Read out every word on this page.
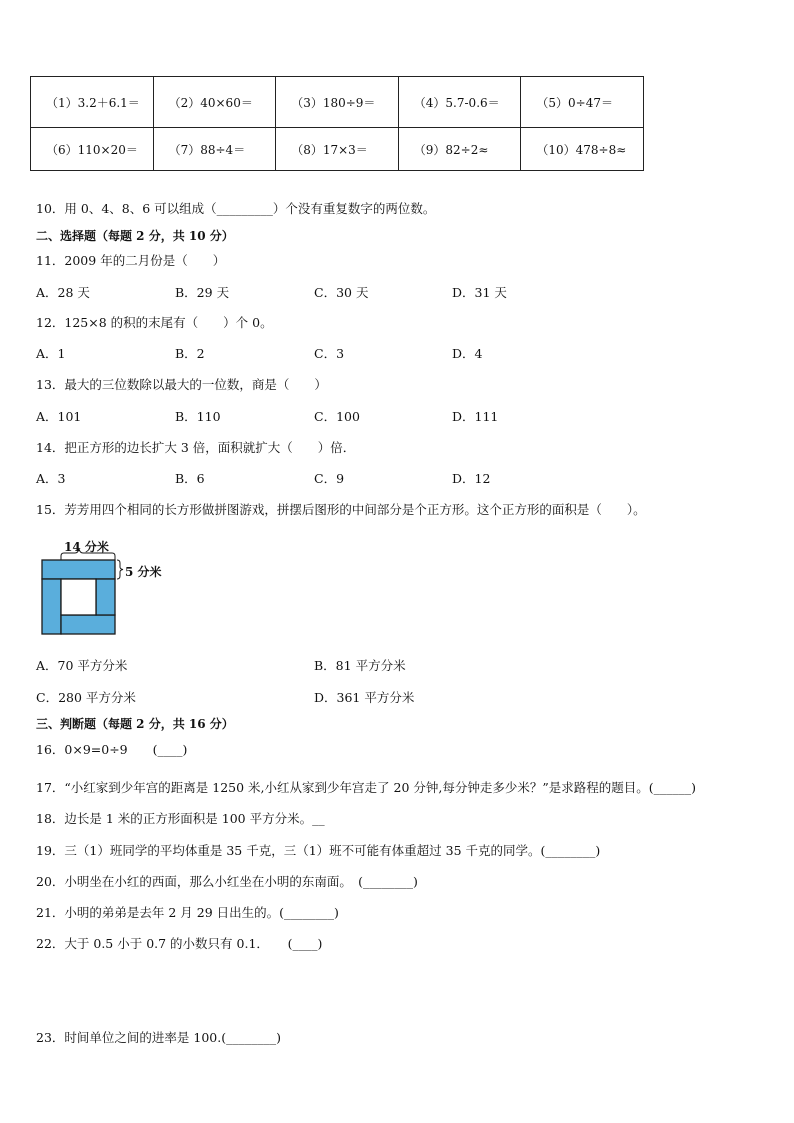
（1）3.2＋6.1＝	（2）40×60＝	（3）180÷9＝	（4）5.7-0.6＝	（5）0÷47＝
（6）110×20＝	（7）88÷4＝	（8）17×3＝	（9）82÷2≈	（10）478÷8≈
10．用 0、4、8、6 可以组成（_________）个没有重复数字的两位数。
二、选择题（每题 2 分，共 10 分）
11．2009 年的二月份是（　　）
A．28 天	B．29 天	C．30 天	D．31 天
12．125×8 的积的末尾有（　　）个 0。
A．1	B．2	C．3	D．4
13．最大的三位数除以最大的一位数，商是（　　）
A．101	B．110	C．100	D．111
14．把正方形的边长扩大 3 倍，面积就扩大（　　）倍．
A．3	B．6	C．9	D．12
15．芳芳用四个相同的长方形做拼图游戏，拼摆后图形的中间部分是个正方形。这个正方形的面积是（　　）。
14 分米
5 分米
A．70 平方分米	B．81 平方分米
C．280 平方分米	D．361 平方分米
三、判断题（每题 2 分，共 16 分）
16．0×9=0÷9　　(____)
17．“小红家到少年宫的距离是 1250 米,小红从家到少年宫走了 20 分钟,每分钟走多少米？”是求路程的题目。(______)
18．边长是 1 米的正方形面积是 100 平方分米。__
19．三（1）班同学的平均体重是 35 千克，三（1）班不可能有体重超过 35 千克的同学。(________)
20．小明坐在小红的西面，那么小红坐在小明的东南面。　(________)
21．小明的弟弟是去年 2 月 29 日出生的。(________)
22．大于 0.5 小于 0.7 的小数只有 0.1．　　(____)
23．时间单位之间的进率是 100.(________)
